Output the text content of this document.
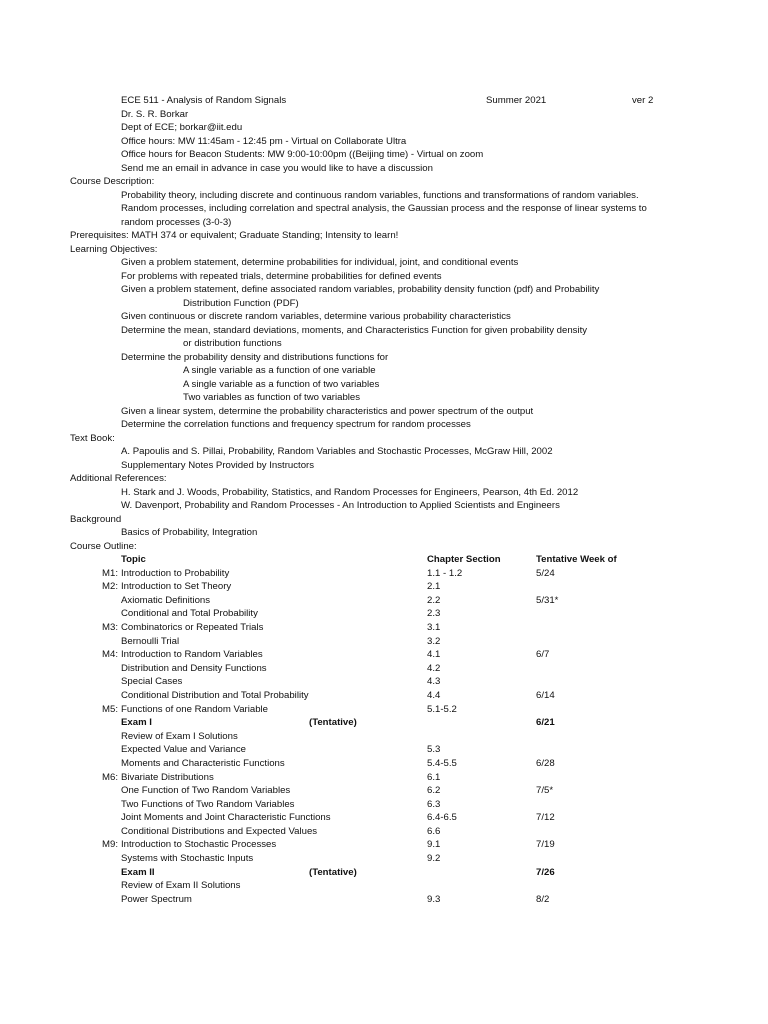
ECE 511 - Analysis of Random Signals	Summer 2021	ver 2
Dr. S. R. Borkar
Dept of ECE; borkar@iit.edu
Office hours: MW 11:45am - 12:45 pm - Virtual on Collaborate Ultra
Office hours for Beacon Students: MW 9:00-10:00pm ((Beijing time) - Virtual on zoom
Send me an email in advance in case you would like to have a discussion
Course Description:
Probability theory, including discrete and continuous random variables, functions and transformations of random variables.
Random processes, including correlation and spectral analysis, the Gaussian process and the response of linear systems to
random processes (3-0-3)
Prerequisites: MATH 374 or equivalent; Graduate Standing; Intensity to learn!
Learning Objectives:
Given a problem statement, determine probabilities for individual, joint, and conditional events
For problems with repeated trials, determine probabilities for defined events
Given a problem statement, define associated random variables, probability density function (pdf) and Probability
Distribution Function (PDF)
Given continuous or discrete random variables, determine various probability characteristics
Determine the mean, standard deviations, moments, and Characteristics Function for given probability density
or distribution functions
Determine the probability density and distributions functions for
A single variable as a function of one variable
A single variable as a function of two variables
Two variables as function of two variables
Given a linear system, determine the probability characteristics and power spectrum of the output
Determine the correlation functions and frequency spectrum for random processes
Text Book:
A. Papoulis and S. Pillai, Probability, Random Variables and Stochastic Processes, McGraw Hill, 2002
Supplementary Notes Provided by Instructors
Additional References:
H. Stark and J. Woods, Probability, Statistics, and Random Processes for Engineers, Pearson, 4th Ed. 2012
W. Davenport, Probability and Random Processes - An Introduction to Applied Scientists and Engineers
Background
Basics of Probability, Integration
Course Outline:
Topic	Chapter Section	Tentative Week of
M1: Introduction to Probability	1.1 - 1.2	5/24
M2: Introduction to Set Theory	2.1
Axiomatic Definitions	2.2	5/31*
Conditional and Total Probability	2.3
M3: Combinatorics or Repeated Trials	3.1
Bernoulli Trial	3.2
M4: Introduction to Random Variables	4.1	6/7
Distribution and Density Functions	4.2
Special Cases	4.3
Conditional Distribution and Total Probability	4.4	6/14
M5: Functions of one Random Variable	5.1-5.2
Exam I	(Tentative)	6/21
Review of Exam I Solutions
Expected Value and Variance	5.3
Moments and Characteristic Functions	5.4-5.5	6/28
M6: Bivariate Distributions	6.1
One Function of Two Random Variables	6.2	7/5*
Two Functions of Two Random Variables	6.3
Joint Moments and Joint Characteristic Functions	6.4-6.5	7/12
Conditional Distributions and Expected Values	6.6
M9: Introduction to Stochastic Processes	9.1	7/19
Systems with Stochastic Inputs	9.2
Exam II	(Tentative)	7/26
Review of Exam II Solutions
Power Spectrum	9.3	8/2
